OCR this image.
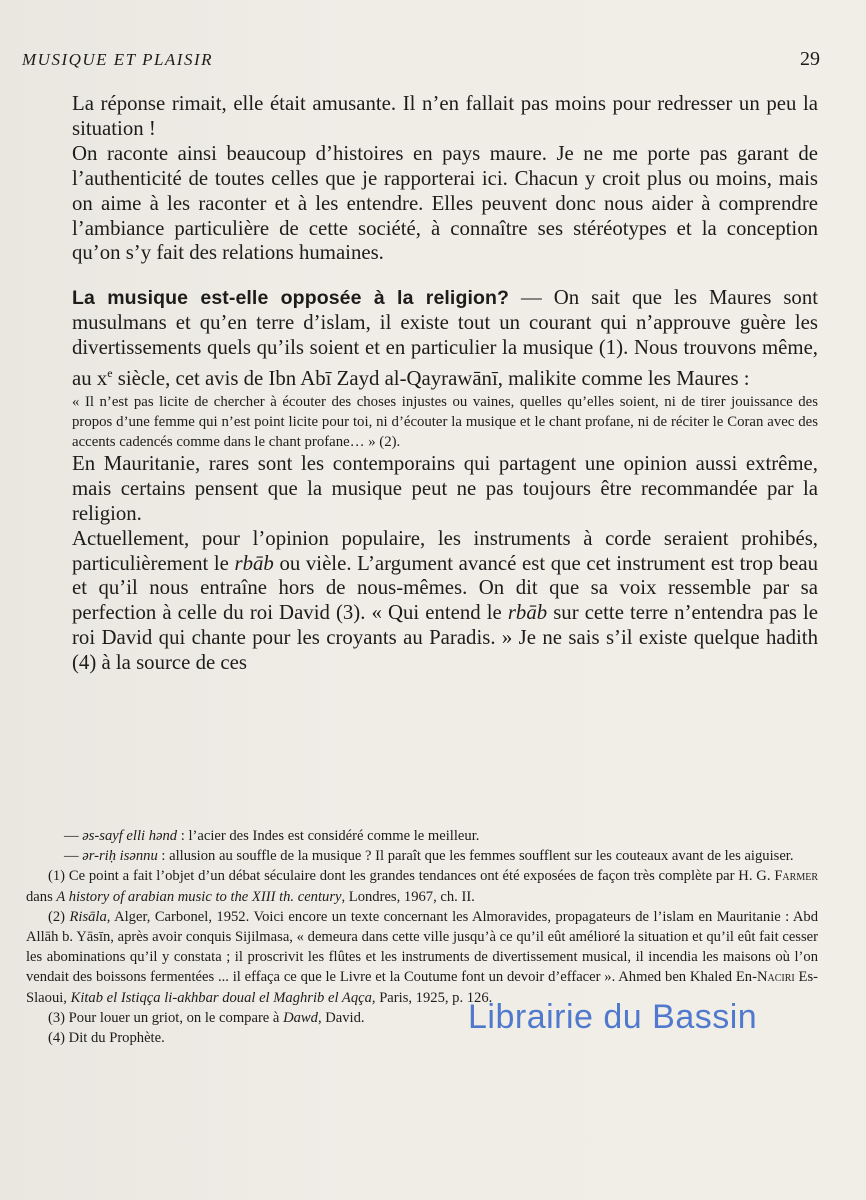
MUSIQUE ET PLAISIR	29

La réponse rimait, elle était amusante. Il n’en fallait pas moins pour redresser un peu la situation !

On raconte ainsi beaucoup d’histoires en pays maure. Je ne me porte pas garant de l’authenticité de toutes celles que je rapporterai ici. Chacun y croit plus ou moins, mais on aime à les raconter et à les entendre. Elles peuvent donc nous aider à comprendre l’ambiance particulière de cette société, à connaître ses stéréotypes et la conception qu’on s’y fait des relations humaines.

La musique est-elle opposée à la religion? — On sait que les Maures sont musulmans et qu’en terre d’islam, il existe tout un courant qui n’approuve guère les divertissements quels qu’ils soient et en particulier la musique (1). Nous trouvons même, au $x^e$ siècle, cet avis de Ibn Abī Zayd al-Qayrawānī, malikite comme les Maures :

« Il n’est pas licite de chercher à écouter des choses injustes ou vaines, quelles qu’elles soient, ni de tirer jouissance des propos d’une femme qui n’est point licite pour toi, ni d’écouter la musique et le chant profane, ni de réciter le Coran avec des accents cadencés comme dans le chant profane… » (2).

En Mauritanie, rares sont les contemporains qui partagent une opinion aussi extrême, mais certains pensent que la musique peut ne pas toujours être recommandée par la religion.

Actuellement, pour l’opinion populaire, les instruments à corde seraient prohibés, particulièrement le rbāb ou vièle. L’argument avancé est que cet instrument est trop beau et qu’il nous entraîne hors de nous-mêmes. On dit que sa voix ressemble par sa perfection à celle du roi David (3). « Qui entend le rbāb sur cette terre n’entendra pas le roi David qui chante pour les croyants au Paradis. » Je ne sais s’il existe quelque hadith (4) à la source de ces

— əs-sayf elli hənd : l’acier des Indes est considéré comme le meilleur.

— ər-riḥ isənnu : allusion au souffle de la musique ? Il paraît que les femmes soufflent sur les couteaux avant de les aiguiser.

(1) Ce point a fait l’objet d’un débat séculaire dont les grandes tendances ont été exposées de façon très complète par H. G. Farmer dans A history of arabian music to the XIII th. century, Londres, 1967, ch. II.

(2) Risāla, Alger, Carbonel, 1952. Voici encore un texte concernant les Almoravides, propagateurs de l’islam en Mauritanie : Abd Allāh b. Yāsīn, après avoir conquis Sijilmasa, « demeura dans cette ville jusqu’à ce qu’il eût amélioré la situation et qu’il eût fait cesser les abominations qu’il y constata ; il proscrivit les flûtes et les instruments de divertissement musical, il incendia les maisons où l’on vendait des boissons fermentées ... il effaça ce que le Livre et la Coutume font un devoir d’effacer ». Ahmed ben Khaled En-Naciri Es-Slaoui, Kitab el Istiqça li-akhbar doual el Maghrib el Aqça, Paris, 1925, p. 126.

(3) Pour louer un griot, on le compare à Dawd, David.

(4) Dit du Prophète.

Librairie du Bassin
